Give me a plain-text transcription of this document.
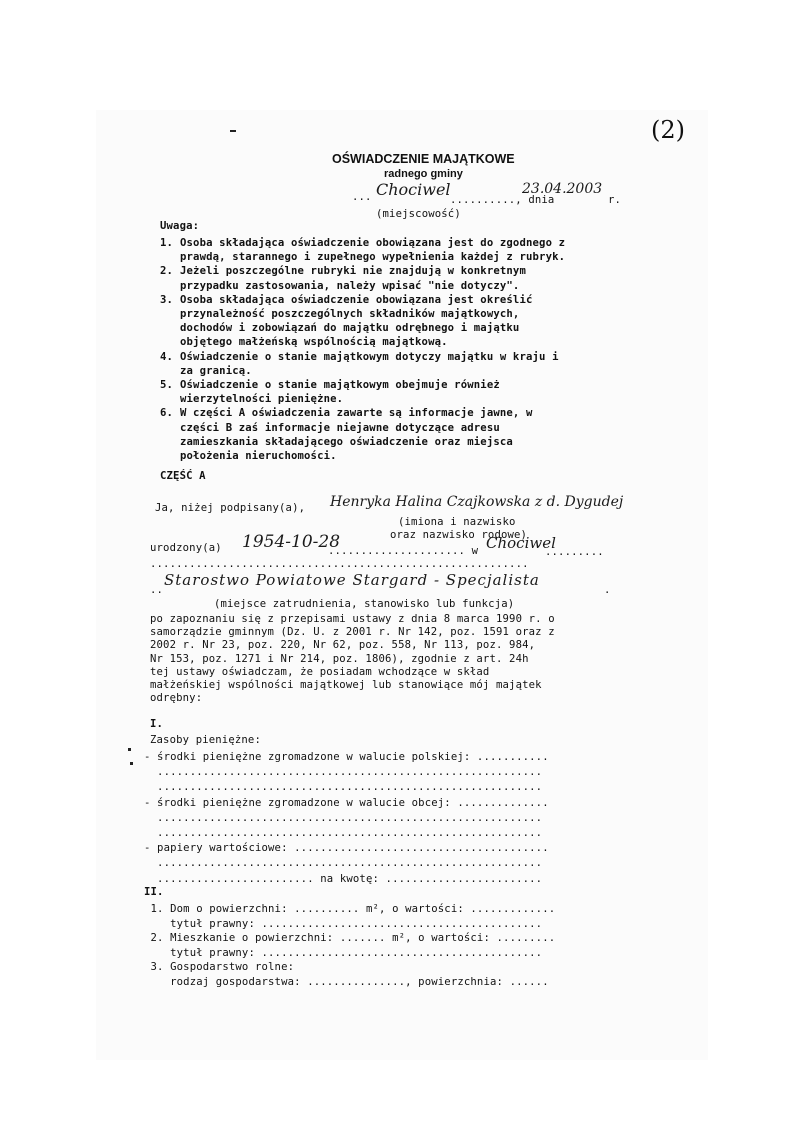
(2)
OŚWIADCZENIE MAJĄTKOWE
radnego gminy
... Chociwel
.........., dnia
23.04.2003
r.
(miejscowość)
Uwaga:
1. Osoba składająca oświadczenie obowiązana jest do zgodnego z
prawdą, starannego i zupełnego wypełnienia każdej z rubryk.
2. Jeżeli poszczególne rubryki nie znajdują w konkretnym
przypadku zastosowania, należy wpisać "nie dotyczy".
3. Osoba składająca oświadczenie obowiązana jest określić
przynależność poszczególnych składników majątkowych,
dochodów i zobowiązań do majątku odrębnego i majątku
objętego małżeńską wspólnością majątkową.
4. Oświadczenie o stanie majątkowym dotyczy majątku w kraju i
za granicą.
5. Oświadczenie o stanie majątkowym obejmuje również
wierzytelności pieniężne.
6. W części A oświadczenia zawarte są informacje jawne, w
części B zaś informacje niejawne dotyczące adresu
zamieszkania składającego oświadczenie oraz miejsca
położenia nieruchomości.
CZĘŚĆ A
Ja, niżej podpisany(a), Henryka Halina Czajkowska z d. Dygudej
(imiona i nazwisko
oraz nazwisko rodowe)
urodzony(a) 1954-10-28
..................... w Chociwel
.........
..........................................................
..
Starostwo Powiatowe Stargard - Specjalista
.
(miejsce zatrudnienia, stanowisko lub funkcja)
po zapoznaniu się z przepisami ustawy z dnia 8 marca 1990 r. o
samorządzie gminnym (Dz. U. z 2001 r. Nr 142, poz. 1591 oraz z
2002 r. Nr 23, poz. 220, Nr 62, poz. 558, Nr 113, poz. 984,
Nr 153, poz. 1271 i Nr 214, poz. 1806), zgodnie z art. 24h
tej ustawy oświadczam, że posiadam wchodzące w skład
małżeńskiej wspólności majątkowej lub stanowiące mój majątek
odrębny:
I.
Zasoby pieniężne:
- środki pieniężne zgromadzone w walucie polskiej: ...........
...........................................................
...........................................................
- środki pieniężne zgromadzone w walucie obcej: ..............
...........................................................
...........................................................
- papiery wartościowe: .......................................
...........................................................
........................ na kwotę: ........................
II.
1. Dom o powierzchni: .......... m², o wartości: .............
tytuł prawny: ...........................................
2. Mieszkanie o powierzchni: ....... m², o wartości: .........
tytuł prawny: ...........................................
3. Gospodarstwo rolne:
rodzaj gospodarstwa: ..............., powierzchnia: ......
